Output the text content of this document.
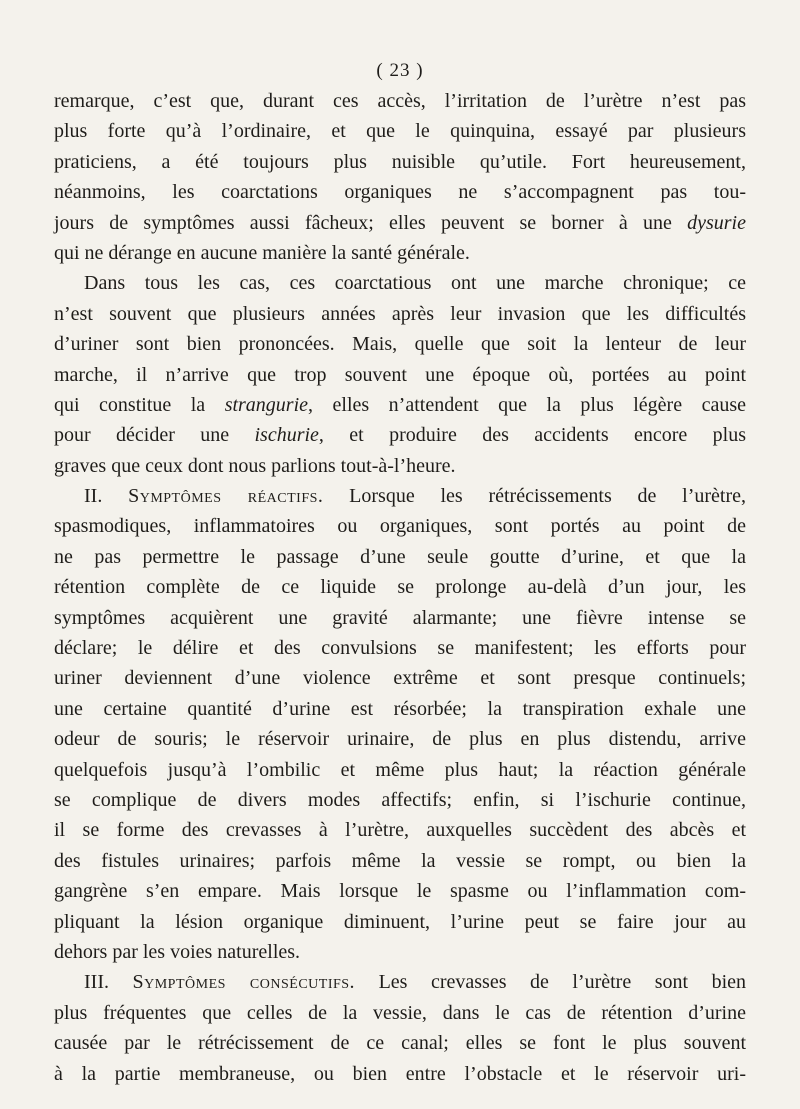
( 23 )
remarque, c’est que, durant ces accès, l’irritation de l’urètre n’est pas
plus forte qu’à l’ordinaire, et que le quinquina, essayé par plusieurs
praticiens, a été toujours plus nuisible qu’utile. Fort heureusement,
néanmoins, les coarctations organiques ne s’accompagnent pas tou-
jours de symptômes aussi fâcheux; elles peuvent se borner à une dysurie
qui ne dérange en aucune manière la santé générale.
Dans tous les cas, ces coarctatious ont une marche chronique; ce
n’est souvent que plusieurs années après leur invasion que les difficultés
d’uriner sont bien prononcées. Mais, quelle que soit la lenteur de leur
marche, il n’arrive que trop souvent une époque où, portées au point
qui constitue la strangurie, elles n’attendent que la plus légère cause
pour décider une ischurie, et produire des accidents encore plus
graves que ceux dont nous parlions tout-à-l’heure.
II. Symptômes réactifs. Lorsque les rétrécissements de l’urètre,
spasmodiques, inflammatoires ou organiques, sont portés au point de
ne pas permettre le passage d’une seule goutte d’urine, et que la
rétention complète de ce liquide se prolonge au-delà d’un jour, les
symptômes acquièrent une gravité alarmante; une fièvre intense se
déclare; le délire et des convulsions se manifestent; les efforts pour
uriner deviennent d’une violence extrême et sont presque continuels;
une certaine quantité d’urine est résorbée; la transpiration exhale une
odeur de souris; le réservoir urinaire, de plus en plus distendu, arrive
quelquefois jusqu’à l’ombilic et même plus haut; la réaction générale
se complique de divers modes affectifs; enfin, si l’ischurie continue,
il se forme des crevasses à l’urètre, auxquelles succèdent des abcès et
des fistules urinaires; parfois même la vessie se rompt, ou bien la
gangrène s’en empare. Mais lorsque le spasme ou l’inflammation com-
pliquant la lésion organique diminuent, l’urine peut se faire jour au
dehors par les voies naturelles.
III. Symptômes consécutifs. Les crevasses de l’urètre sont bien
plus fréquentes que celles de la vessie, dans le cas de rétention d’urine
causée par le rétrécissement de ce canal; elles se font le plus souvent
à la partie membraneuse, ou bien entre l’obstacle et le réservoir uri-
